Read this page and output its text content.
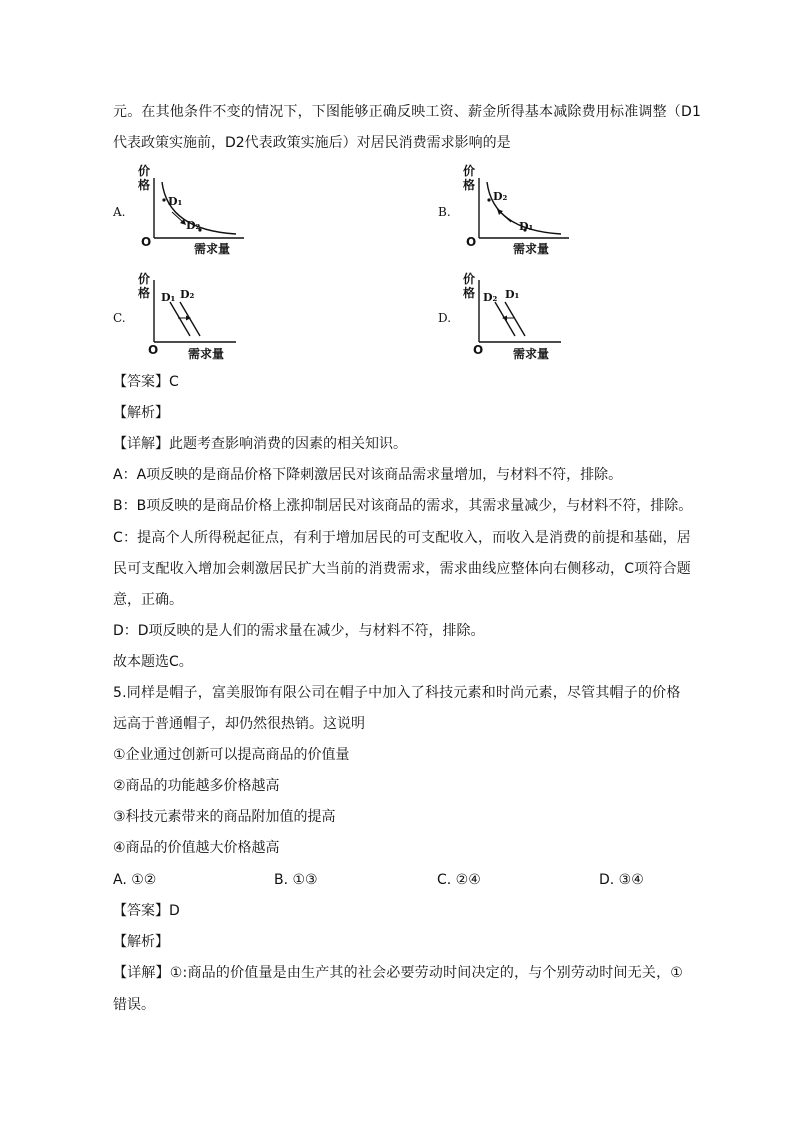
元。在其他条件不变的情况下，下图能够正确反映工资、薪金所得基本减除费用标准调整（D1
代表政策实施前，D2代表政策实施后）对居民消费需求影响的是
A.	B.
C.	D.
价
格
D₁
D₂
O	需求量
价
格
D₂
D₁
O	需求量
价
格 D₁ D₂
O 需求量
价
格 D₂ D₁
O 需求量
【答案】C
【解析】
【详解】此题考查影响消费的因素的相关知识。
A：A项反映的是商品价格下降刺激居民对该商品需求量增加，与材料不符，排除。
B：B项反映的是商品价格上涨抑制居民对该商品的需求，其需求量减少，与材料不符，排除。
C：提高个人所得税起征点，有利于增加居民的可支配收入，而收入是消费的前提和基础，居
民可支配收入增加会刺激居民扩大当前的消费需求，需求曲线应整体向右侧移动，C项符合题
意，正确。
D：D项反映的是人们的需求量在减少，与材料不符，排除。
故本题选C。
5.同样是帽子，富美服饰有限公司在帽子中加入了科技元素和时尚元素，尽管其帽子的价格
远高于普通帽子，却仍然很热销。这说明
①企业通过创新可以提高商品的价值量
②商品的功能越多价格越高
③科技元素带来的商品附加值的提高
④商品的价值越大价格越高
A. ①②	B. ①③	C. ②④	D. ③④
【答案】D
【解析】
【详解】①:商品的价值量是由生产其的社会必要劳动时间决定的，与个别劳动时间无关，①
错误。
